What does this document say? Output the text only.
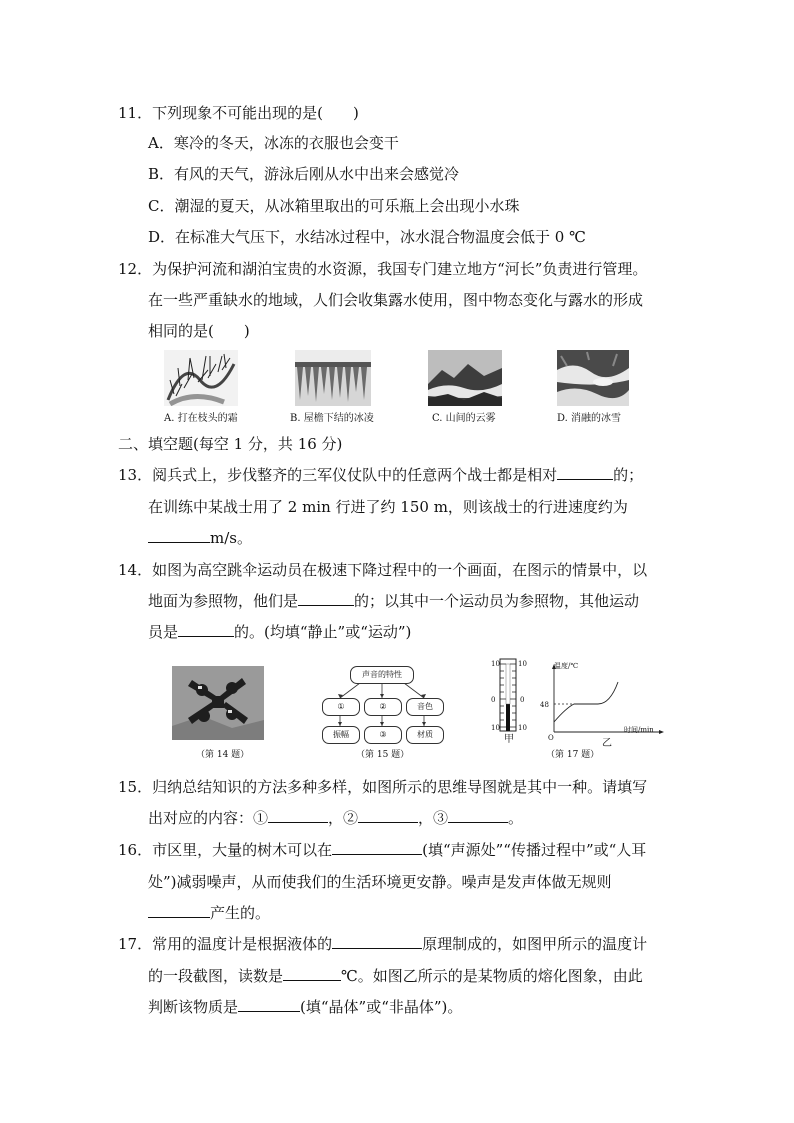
11．下列现象不可能出现的是(　　)
A．寒冷的冬天，冰冻的衣服也会变干
B．有风的天气，游泳后刚从水中出来会感觉冷
C．潮湿的夏天，从冰箱里取出的可乐瓶上会出现小水珠
D．在标准大气压下，水结冰过程中，冰水混合物温度会低于 0 ℃
12．为保护河流和湖泊宝贵的水资源，我国专门建立地方“河长”负责进行管理。
在一些严重缺水的地域，人们会收集露水使用，图中物态变化与露水的形成
相同的是(　　)
A. 打在枝头的霜	B. 屋檐下结的冰凌	C. 山间的云雾	D. 消融的冰雪
二、填空题(每空 1 分，共 16 分)
13．阅兵式上，步伐整齐的三军仪仗队中的任意两个战士都是相对	的；
在训练中某战士用了 2 min 行进了约 150 m，则该战士的行进速度约为
m/s。
14．如图为高空跳伞运动员在极速下降过程中的一个画面，在图示的情景中，以
地面为参照物，他们是	的；以其中一个运动员为参照物，其他运动
员是	的。(均填“静止”或“运动”)
（第 14 题）
声音的特性
①	②	音色
振幅	③	材质
（第 15 题）
10
0
10
10
0
10
甲
温度/℃
48
O
时间/min
乙
（第 17 题）
15．归纳总结知识的方法多种多样，如图所示的思维导图就是其中一种。请填写
出对应的内容：①	，②	，③	。
16．市区里，大量的树木可以在	(填“声源处”“传播过程中”或“人耳
处”)减弱噪声，从而使我们的生活环境更安静。噪声是发声体做无规则
产生的。
17．常用的温度计是根据液体的	原理制成的，如图甲所示的温度计
的一段截图，读数是	℃。如图乙所示的是某物质的熔化图象，由此
判断该物质是	(填“晶体”或“非晶体”)。
